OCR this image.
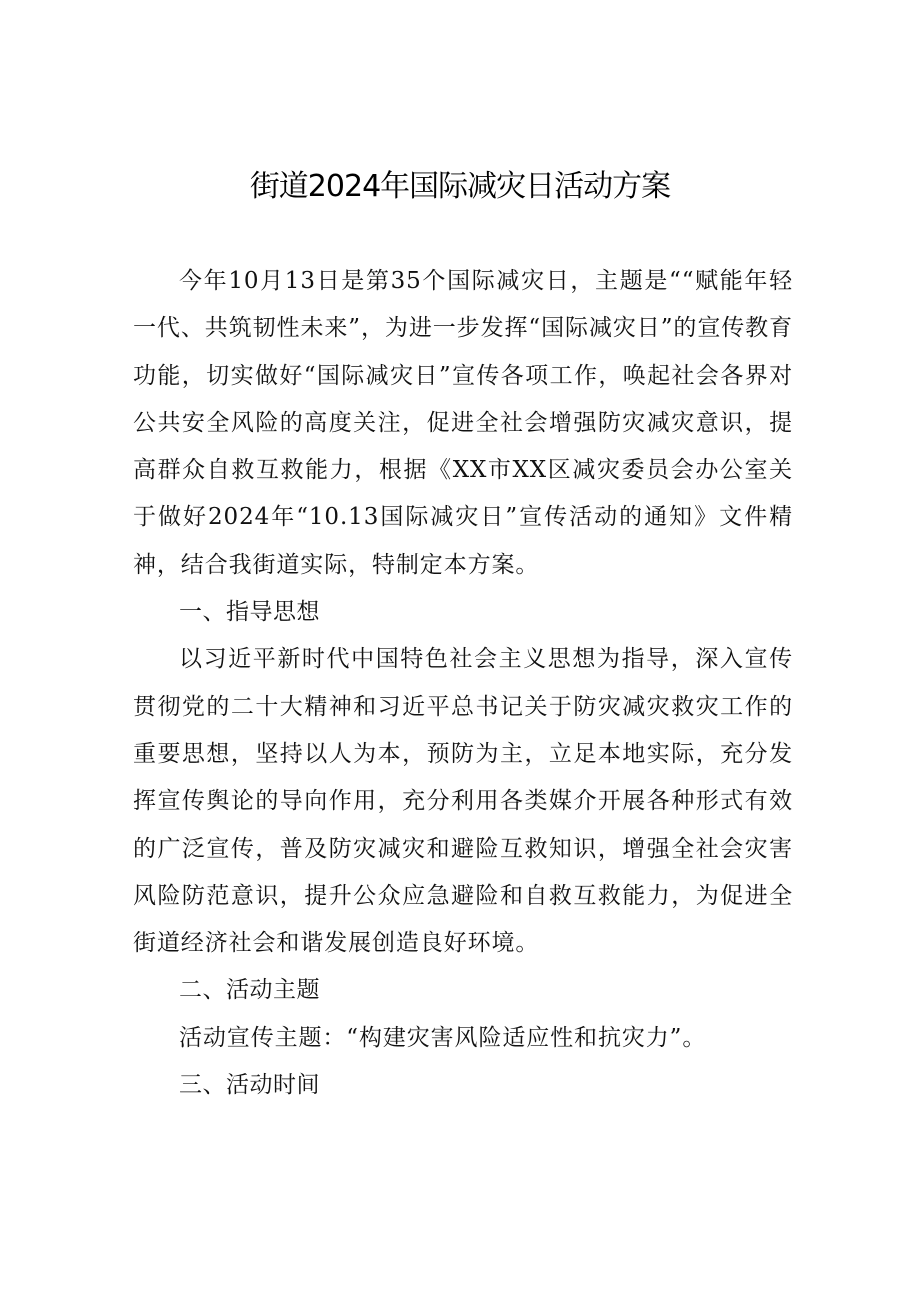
街道2024年国际减灾日活动方案

今年10月13日是第35个国际减灾日，主题是““赋能年轻一代、共筑韧性未来”，为进一步发挥“国际减灾日”的宣传教育功能，切实做好“国际减灾日”宣传各项工作，唤起社会各界对公共安全风险的高度关注，促进全社会增强防灾减灾意识，提高群众自救互救能力，根据《XX市XX区减灾委员会办公室关于做好2024年“10.13国际减灾日”宣传活动的通知》文件精神，结合我街道实际，特制定本方案。

一、指导思想

以习近平新时代中国特色社会主义思想为指导，深入宣传贯彻党的二十大精神和习近平总书记关于防灾减灾救灾工作的重要思想，坚持以人为本，预防为主，立足本地实际，充分发挥宣传舆论的导向作用，充分利用各类媒介开展各种形式有效的广泛宣传，普及防灾减灾和避险互救知识，增强全社会灾害风险防范意识，提升公众应急避险和自救互救能力，为促进全街道经济社会和谐发展创造良好环境。

二、活动主题

活动宣传主题：“构建灾害风险适应性和抗灾力”。

三、活动时间
